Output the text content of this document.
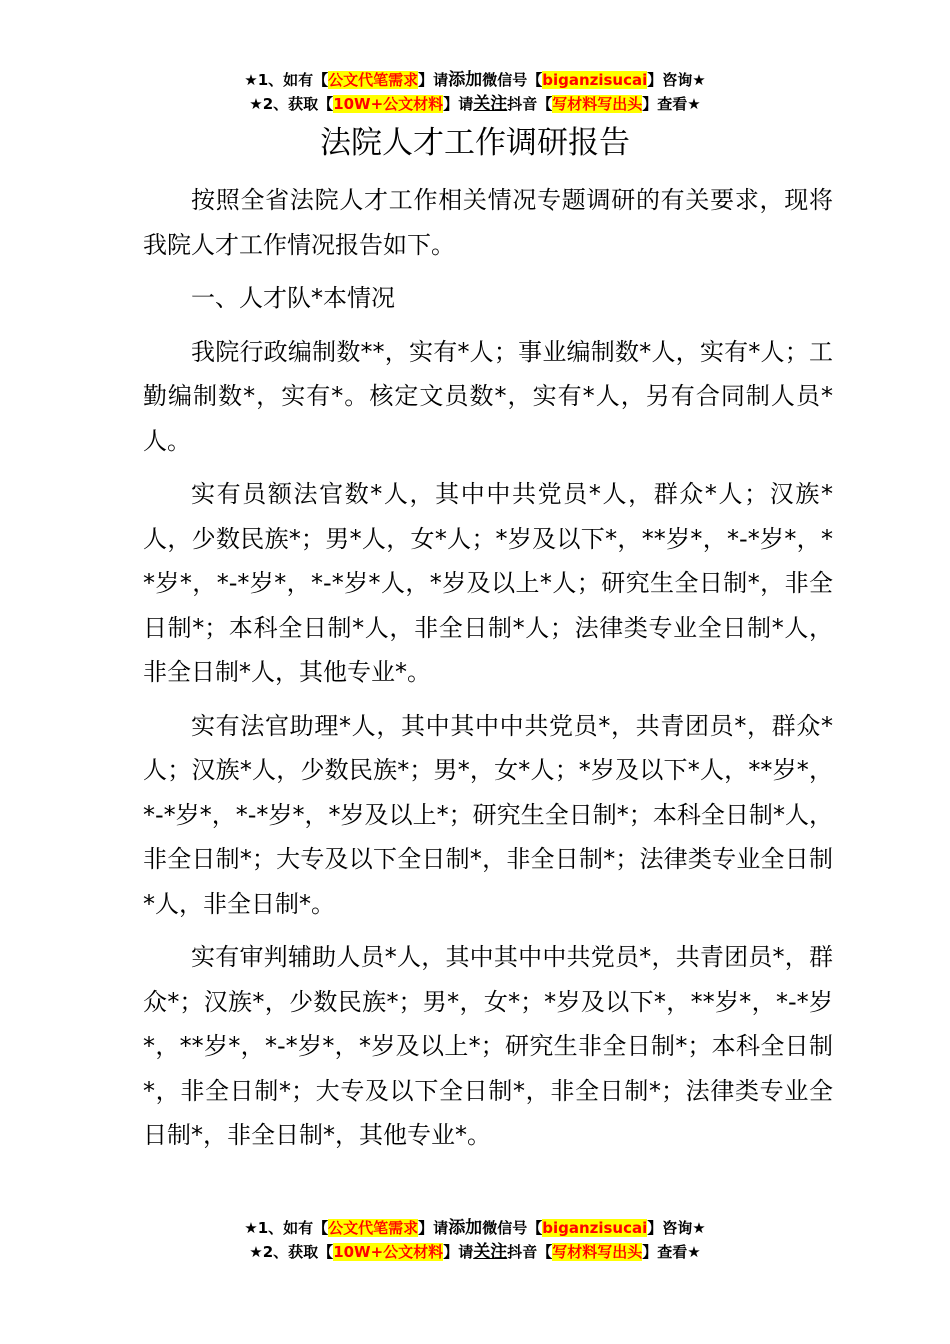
★1、如有【公文代笔需求】请添加微信号【biganzisucai】咨询★
★2、获取【10W+公文材料】请关注抖音【写材料写出头】查看★
法院人才工作调研报告

按照全省法院人才工作相关情况专题调研的有关要求，现将我院人才工作情况报告如下。

一、人才队*本情况

我院行政编制数**，实有*人；事业编制数*人，实有*人；工勤编制数*，实有*。核定文员数*，实有*人，另有合同制人员*人。

实有员额法官数*人，其中中共党员*人，群众*人；汉族*人，少数民族*；男*人，女*人；*岁及以下*，**岁*，*-*岁*，**岁*，*-*岁*，*-*岁*人，*岁及以上*人；研究生全日制*，非全日制*；本科全日制*人，非全日制*人；法律类专业全日制*人，非全日制*人，其他专业*。

实有法官助理*人，其中其中中共党员*，共青团员*，群众*人；汉族*人，少数民族*；男*，女*人；*岁及以下*人，**岁*，*-*岁*，*-*岁*，*岁及以上*；研究生全日制*；本科全日制*人，非全日制*；大专及以下全日制*，非全日制*；法律类专业全日制*人，非全日制*。

实有审判辅助人员*人，其中其中中共党员*，共青团员*，群众*；汉族*，少数民族*；男*，女*；*岁及以下*，**岁*，*-*岁*，**岁*，*-*岁*，*岁及以上*；研究生非全日制*；本科全日制*，非全日制*；大专及以下全日制*，非全日制*；法律类专业全日制*，非全日制*，其他专业*。

★1、如有【公文代笔需求】请添加微信号【biganzisucai】咨询★
★2、获取【10W+公文材料】请关注抖音【写材料写出头】查看★
